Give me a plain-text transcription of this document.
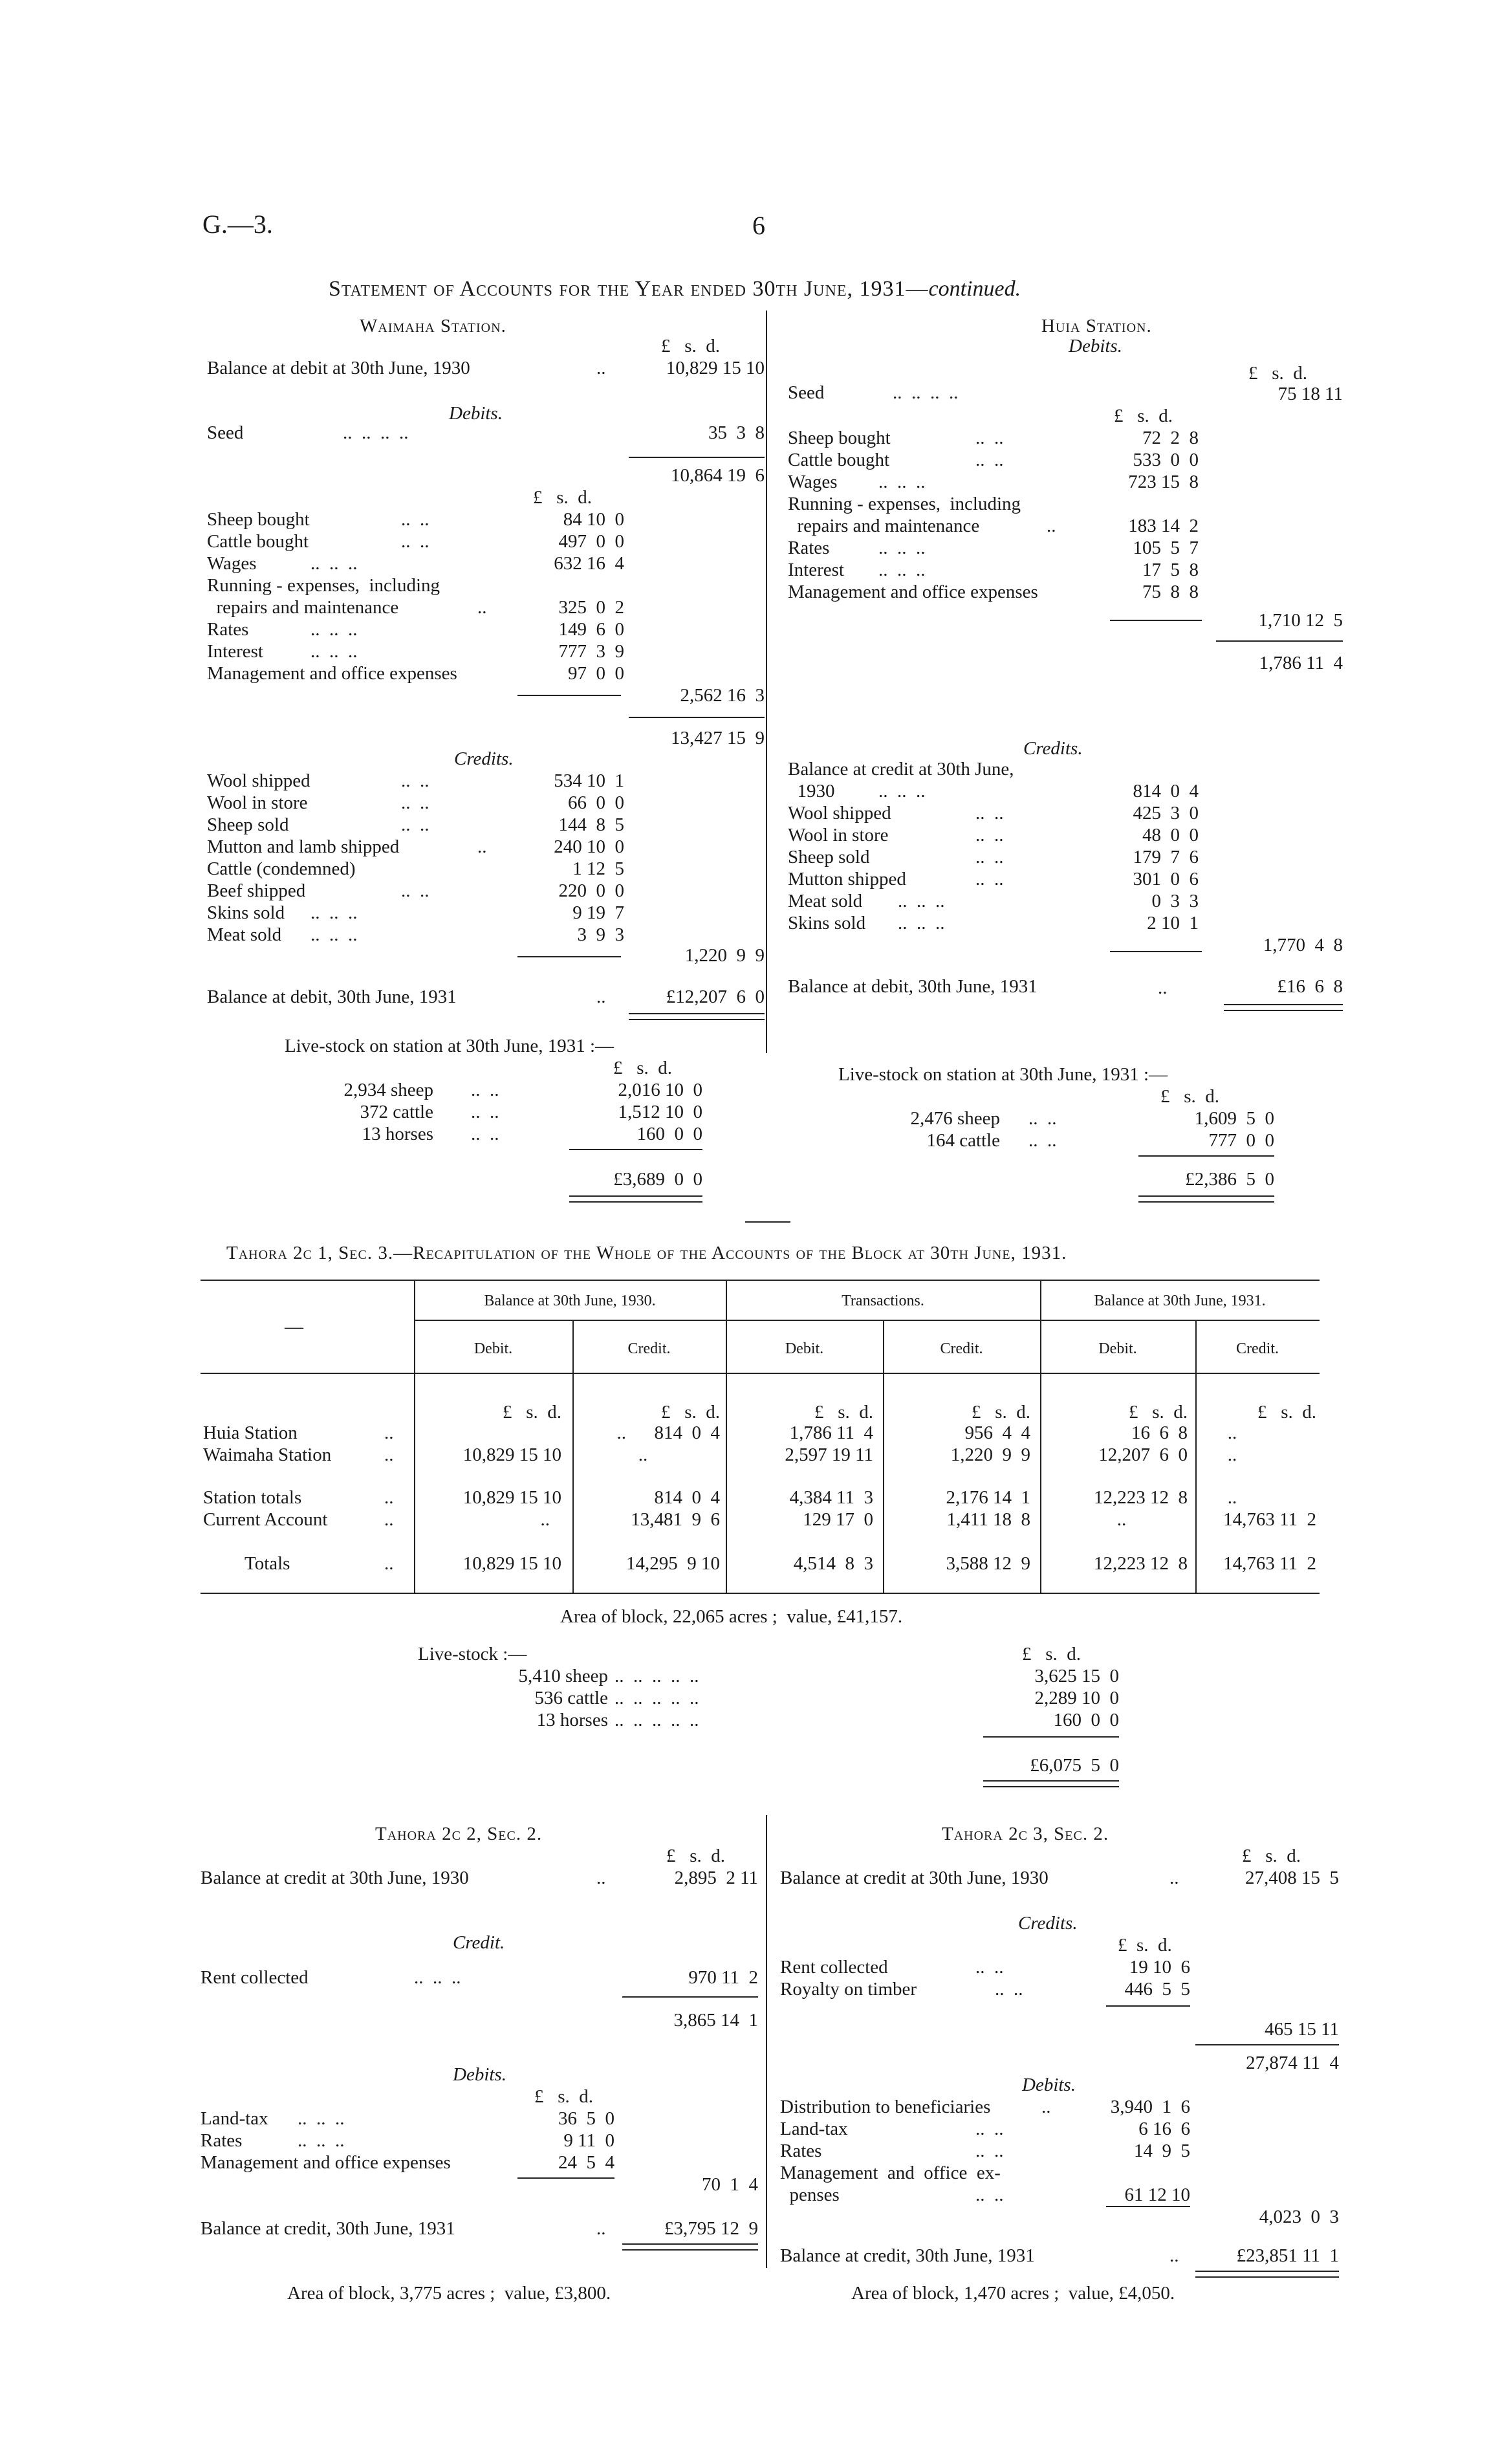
G.—3.	6
Statement of Accounts for the Year ended 30th June, 1931—continued.
Waimaha Station.
£   s.  d.
Balance at debit at 30th June, 1930	..	10,829 15 10
Debits.
Seed	..  ..  ..  ..	35  3  8
10,864 19  6
£   s.  d.
Sheep bought	..  ..	84 10  0
Cattle bought	..  ..	497  0  0
Wages	..  ..  ..	632 16  4
Running - expenses,  including
repairs and maintenance	..	325  0  2
Rates	..  ..  ..	149  6  0
Interest	..  ..  ..	777  3  9
Management and office expenses	97  0  0
2,562 16  3
13,427 15  9
Credits.
Wool shipped	..  ..	534 10  1
Wool in store	..  ..	66  0  0
Sheep sold	..  ..	144  8  5
Mutton and lamb shipped	..	240 10  0
Cattle (condemned)	1 12  5
Beef shipped	..  ..	220  0  0
Skins sold ..  ..  ..	9 19  7
Meat sold ..  ..  ..	3  9  3
1,220  9  9
Balance at debit, 30th June, 1931	..	£12,207  6  0
Live-stock on station at 30th June, 1931 :—
£   s.  d.
2,934 sheep ..  ..	2,016 10  0
372 cattle ..  ..	1,512 10  0
13 horses ..  ..	160  0  0
£3,689  0  0
Huia Station.
Debits.
£   s.  d.
Seed	..  ..  ..  ..	75 18 11
£   s.  d.
Sheep bought	..  ..	72  2  8
Cattle bought	..  ..	533  0  0
Wages ..  ..  ..	723 15  8
Running - expenses,  including
repairs and maintenance	..	183 14  2
Rates	..  ..  ..	105  5  7
Interest ..  ..  ..	17  5  8
Management and office expenses	75  8  8
1,710 12  5
1,786 11  4
Credits.
Balance at credit at 30th June,
1930 ..  ..  ..	814  0  4
Wool shipped	..  ..	425  3  0
Wool in store	..  ..	48  0  0
Sheep sold	..  ..	179  7  6
Mutton shipped	..  ..	301  0  6
Meat sold ..  ..  ..	0  3  3
Skins sold ..  ..  ..	2 10  1
1,770  4  8
Balance at debit, 30th June, 1931	..	£16  6  8
Live-stock on station at 30th June, 1931 :—
£   s.  d.
2,476 sheep ..  ..	1,609  5  0
164 cattle ..  ..	777  0  0
£2,386  5  0
Tahora 2c 1, Sec. 3.—Recapitulation of the Whole of the Accounts of the Block at 30th June, 1931.
—
Balance at 30th June, 1930.	Transactions.	Balance at 30th June, 1931.
Debit.	Credit.	Debit.	Credit.	Debit.	Credit.
£   s.  d.	£   s.  d.	£   s.  d.	£   s.  d.	£   s.  d.	£   s.  d.
Huia Station	..	..	814  0  4	1,786 11  4	956  4  4	16  6  8	..
Waimaha Station	..	10,829 15 10	..	2,597 19 11	1,220  9  9	12,207  6  0	..
Station totals	..	10,829 15 10	814  0  4	4,384 11  3	2,176 14  1	12,223 12  8	..
Current Account	..	..	13,481  9  6	129 17  0	1,411 18  8	..	14,763 11  2
Totals	..	10,829 15 10	14,295  9 10	4,514  8  3	3,588 12  9	12,223 12  8	14,763 11  2
Area of block, 22,065 acres ;  value, £41,157.
Live-stock :—	£   s.  d.
5,410 sheep ..  ..  ..  ..  ..	3,625 15  0
536 cattle ..  ..  ..  ..  ..	2,289 10  0
13 horses ..  ..  ..  ..  ..	160  0  0
£6,075  5  0
Tahora 2c 2, Sec. 2.
£   s.  d.
Balance at credit at 30th June, 1930	..	2,895  2 11
Credit.
Rent collected	..  ..  ..	970 11  2
3,865 14  1
Debits.
£   s.  d.
Land-tax ..  ..  ..	36  5  0
Rates	..  ..  ..	9 11  0
Management and office expenses	24  5  4
70  1  4
Balance at credit, 30th June, 1931	..	£3,795 12  9
Area of block, 3,775 acres ;  value, £3,800.
Tahora 2c 3, Sec. 2.
£   s.  d.
Balance at credit at 30th June, 1930	..	27,408 15  5
Credits.
£  s.  d.
Rent collected	..  ..	19 10  6
Royalty on timber	..  ..	446  5  5
465 15 11
27,874 11  4
Debits.
Distribution to beneficiaries	..	3,940  1  6
Land-tax	..  ..	6 16  6
Rates	..  ..	14  9  5
Management  and  office  ex-
penses	..  ..	61 12 10
4,023  0  3
Balance at credit, 30th June, 1931	..	£23,851 11  1
Area of block, 1,470 acres ;  value, £4,050.
